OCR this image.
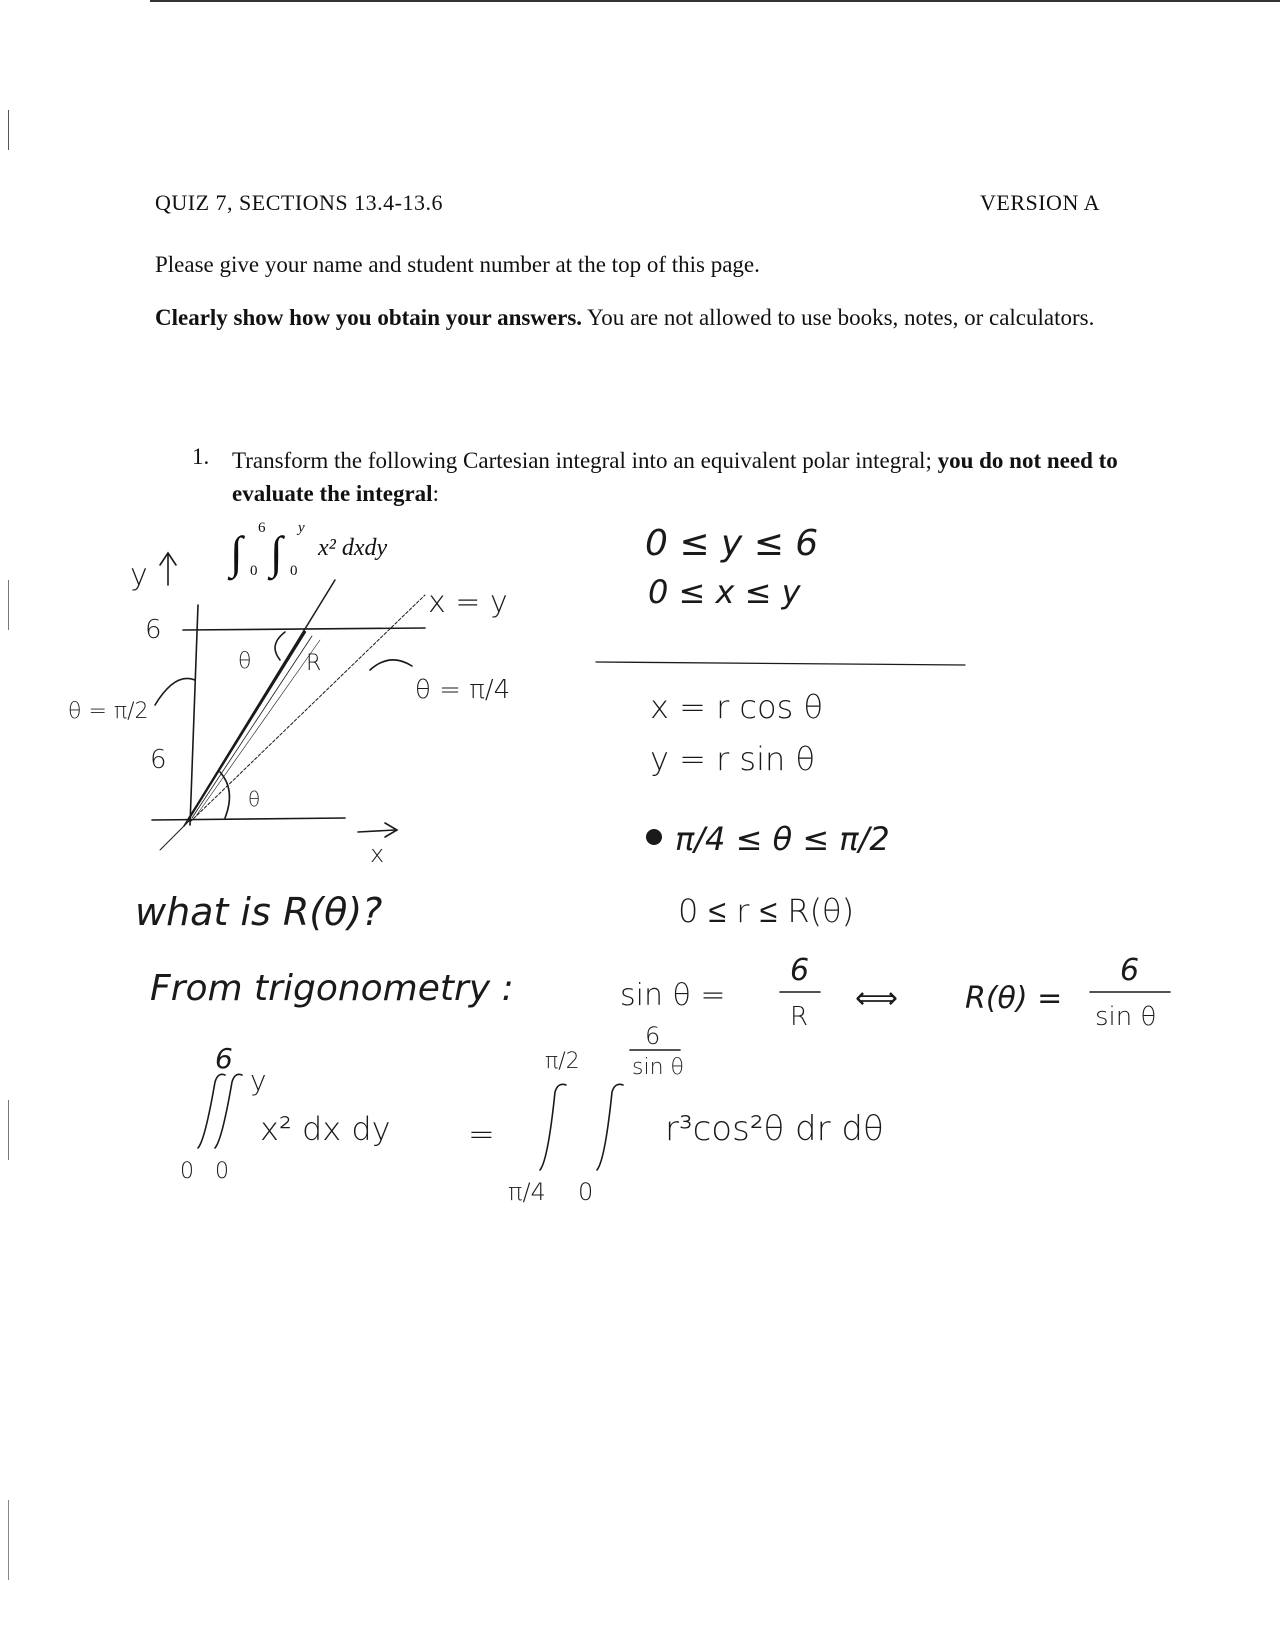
QUIZ 7, SECTIONS 13.4-13.6	VERSION A
Please give your name and student number at the top of this page.
Clearly show how you obtain your answers. You are not allowed to use books, notes, or calculators.
1. Transform the following Cartesian integral into an equivalent polar integral; you do not need to evaluate the integral:
∫ 6
0 ∫ y
0
x² dxdy
y
6
6
θ R
θ
x = y
θ = π/4
θ = π/2
x
0 ≤ y ≤ 6
0 ≤ x ≤ y
x = r cos θ
y = r sin θ
π/4 ≤ θ ≤ π/2
0 ≤ r ≤ R(θ)
what is R(θ)?
From trigonometry :	sin θ =
6
R
⟺ R(θ) =
6
sin θ
6
y
0 0
x² dx dy =
π/2
π/4
6
sin θ
0
r³cos²θ dr dθ
